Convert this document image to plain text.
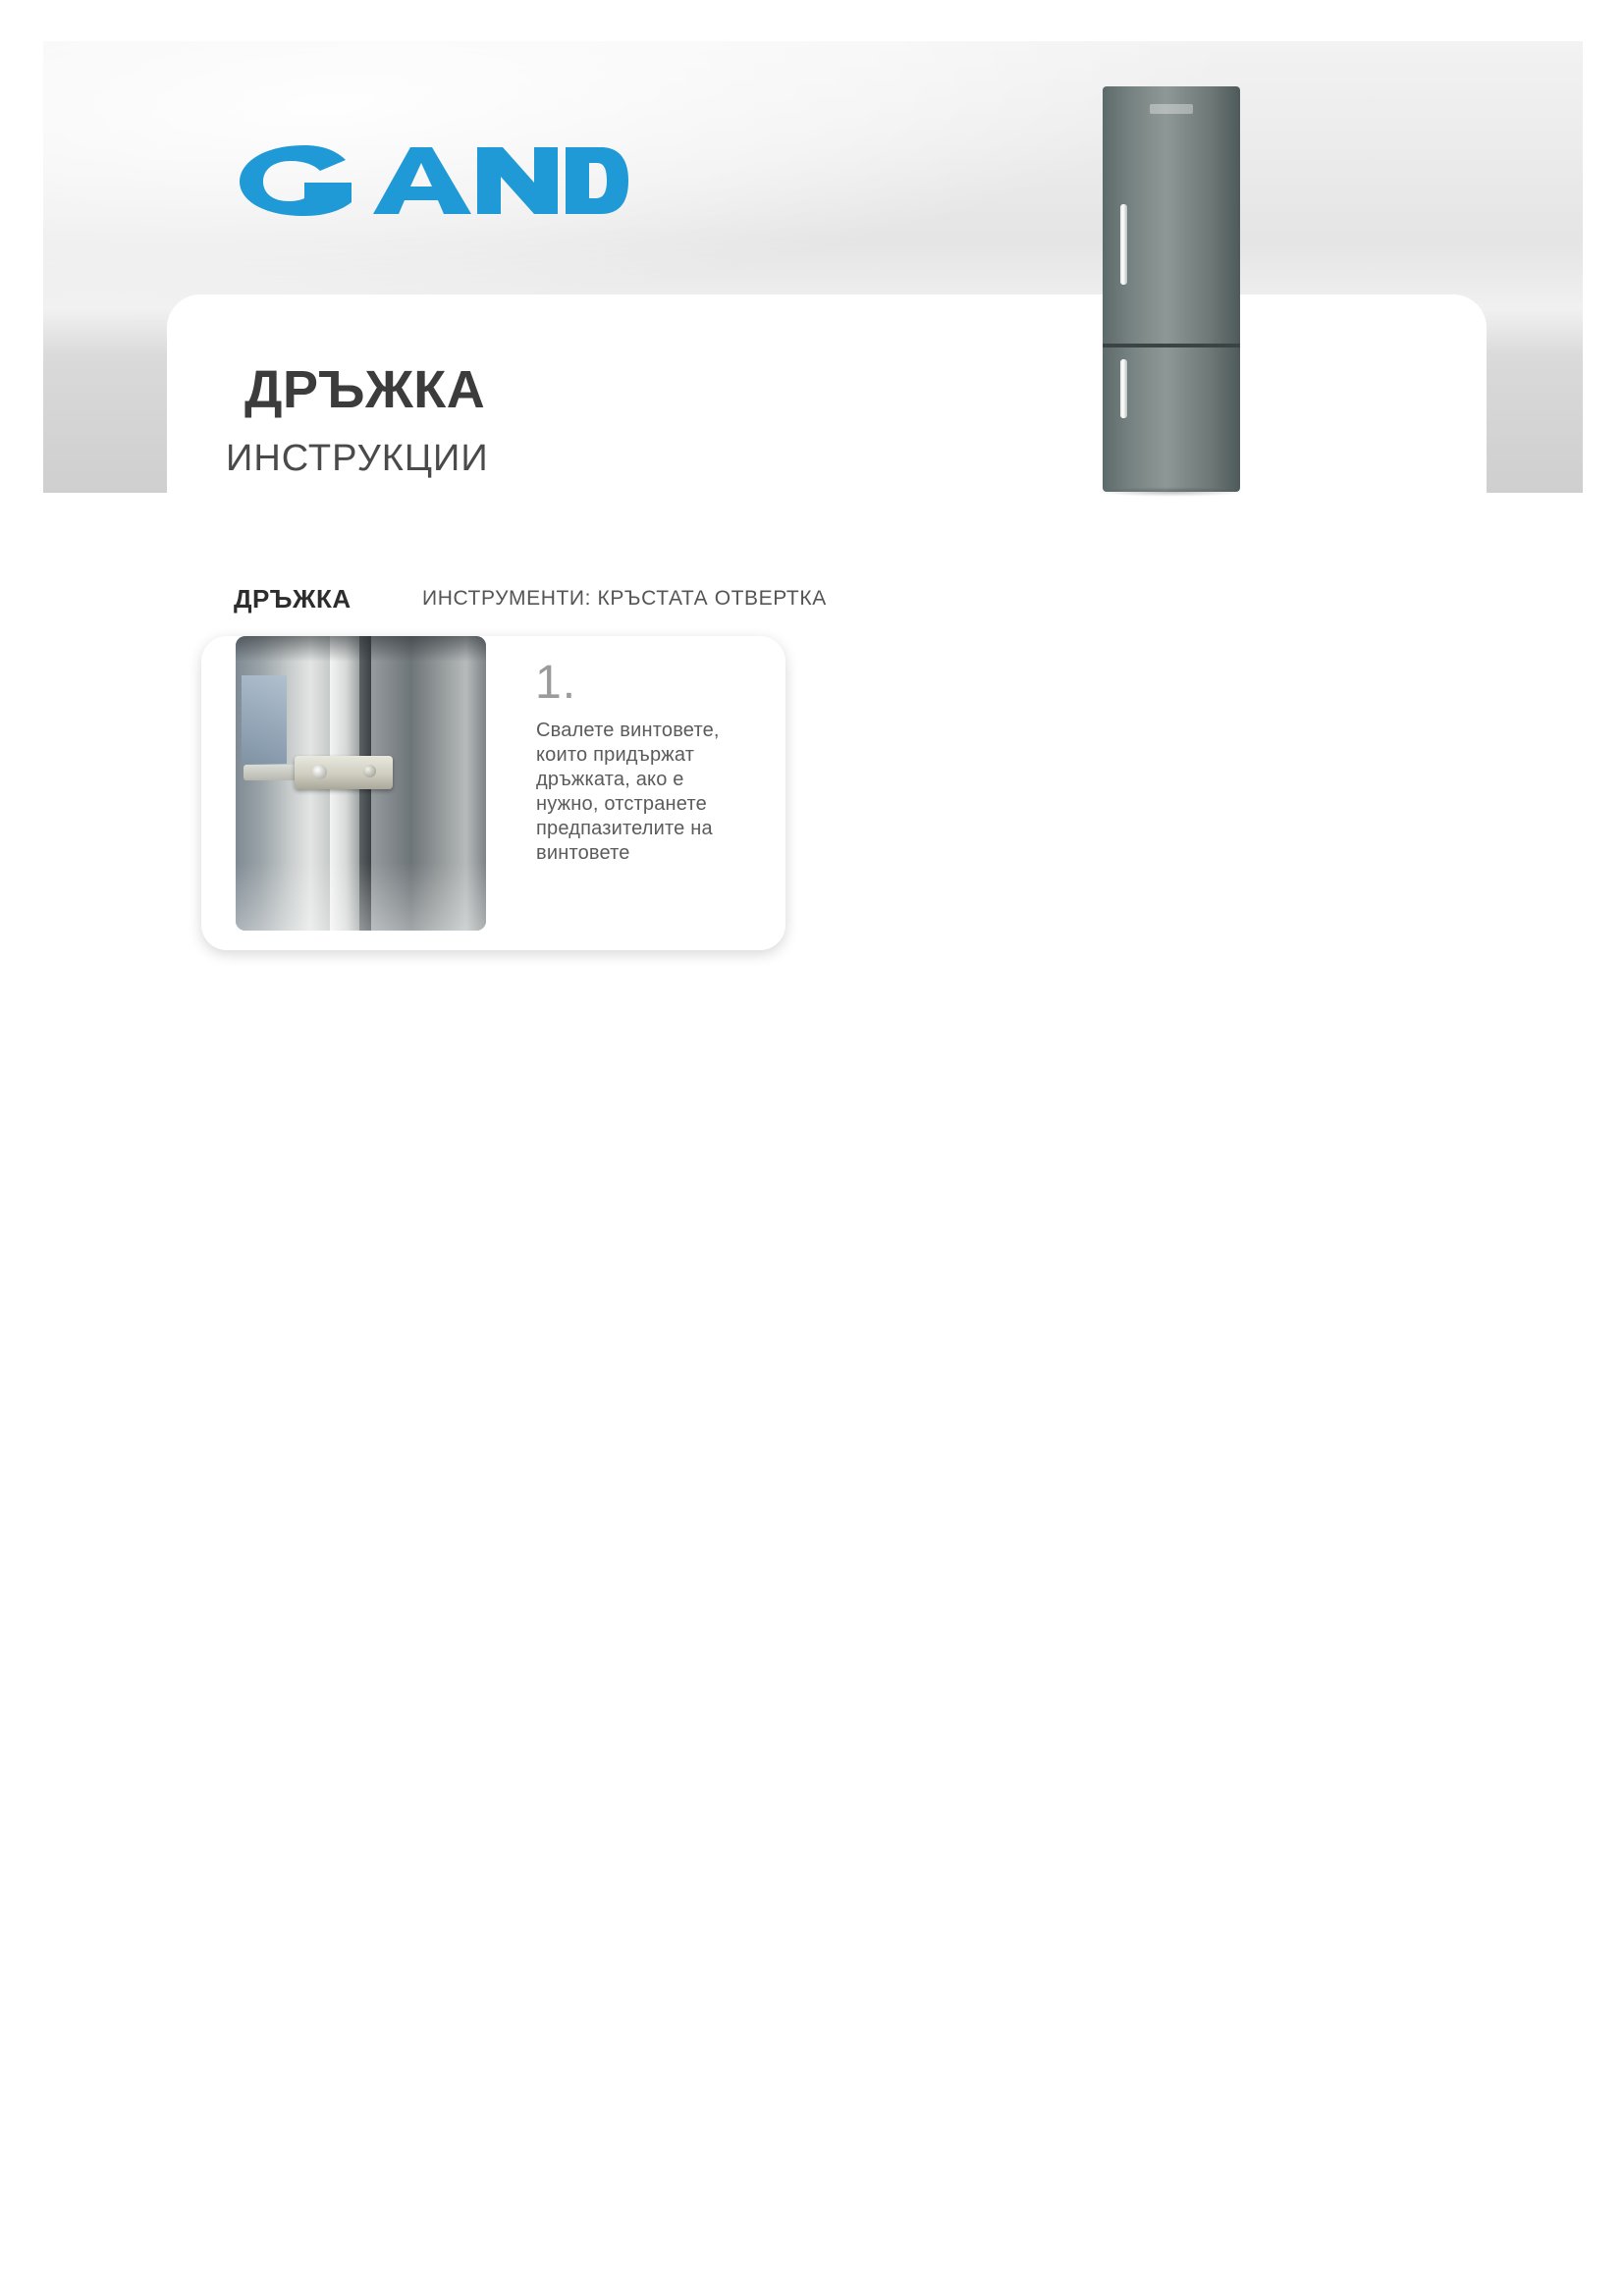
ДРЪЖКА
ИНСТРУКЦИИ
ДРЪЖКА	ИНСТРУМЕНТИ: КРЪСТАТА ОТВЕРТКА
1.
Свалете винтовете, които придържат дръжката, ако е нужно, отстранете предпазителите на винтовете
